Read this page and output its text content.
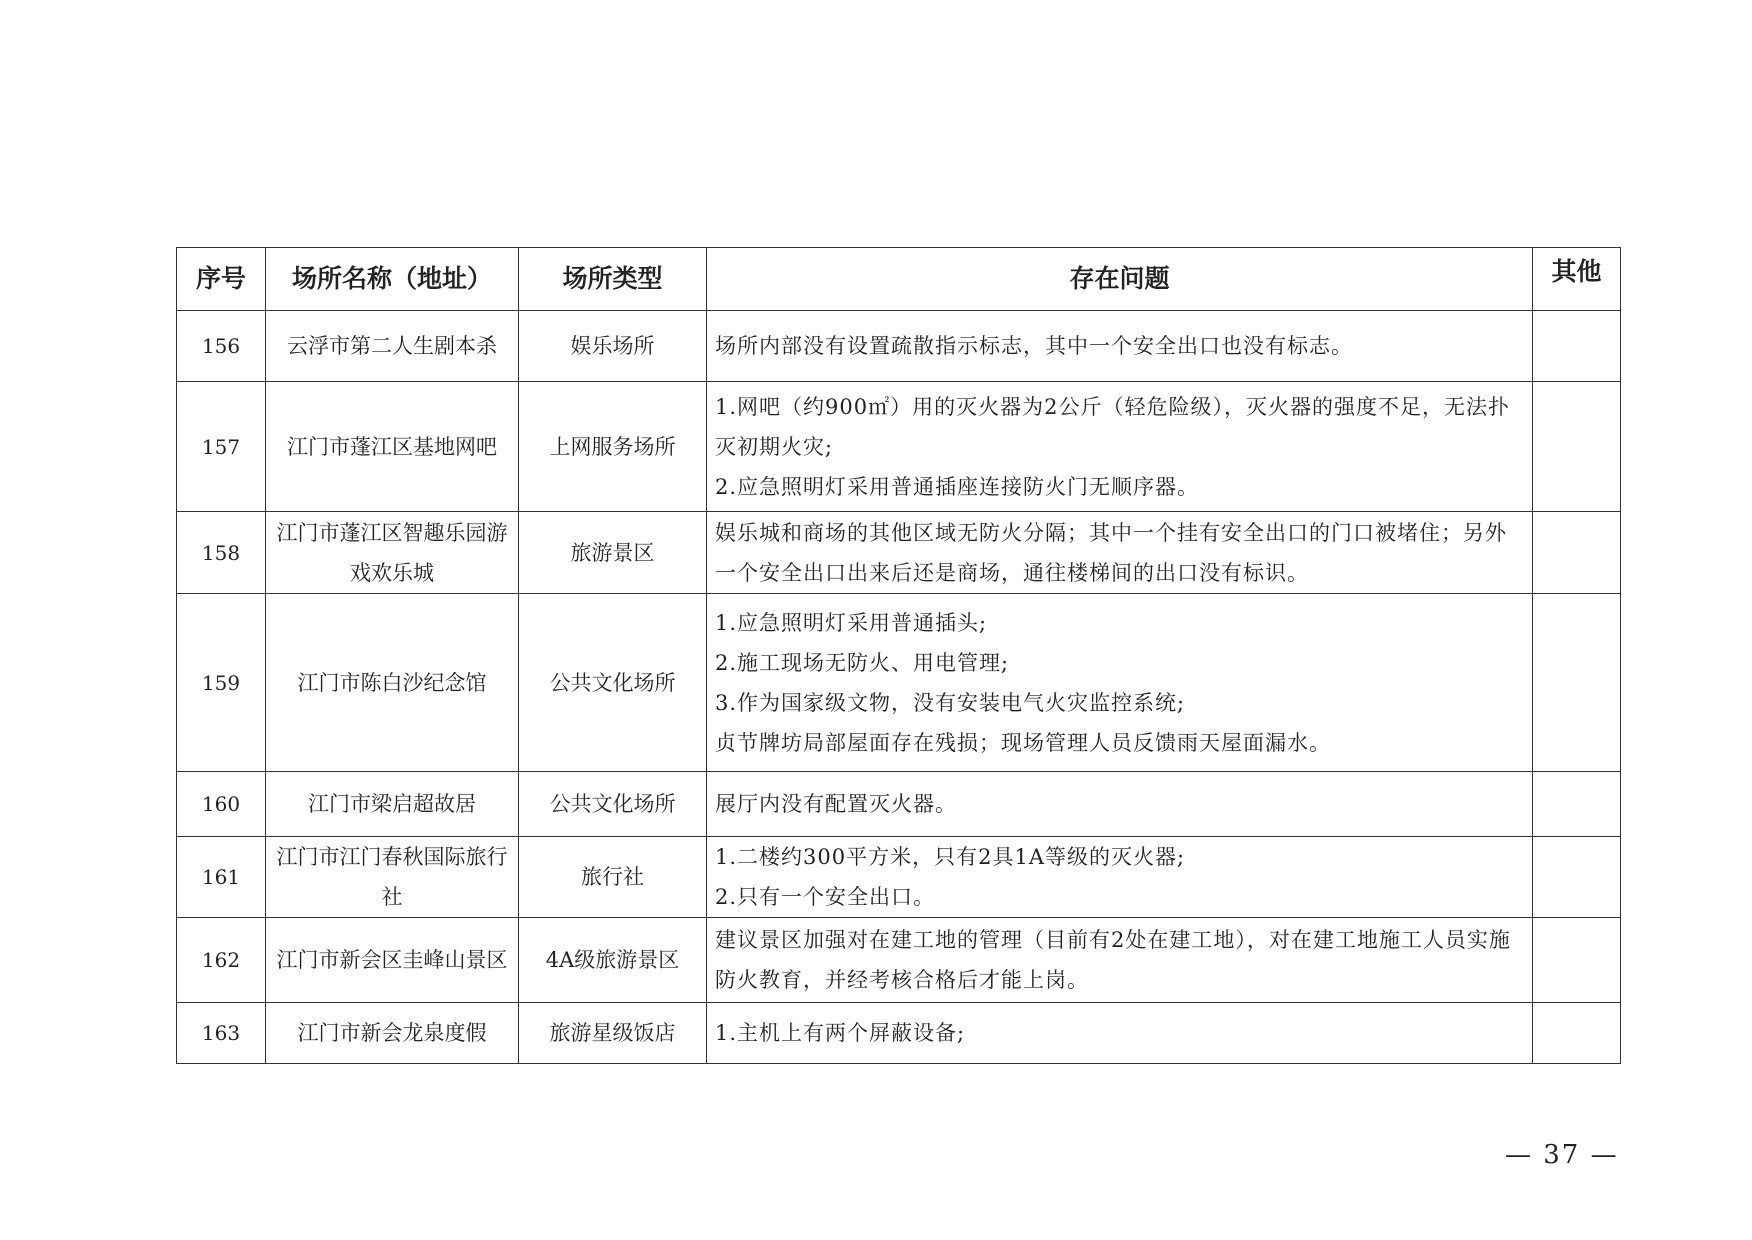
序号	场所名称（地址）	场所类型	存在问题	其他
156	云浮市第二人生剧本杀	娱乐场所	场所内部没有设置疏散指示标志，其中一个安全出口也没有标志。	

157	江门市蓬江区基地网吧	上网服务场所	1.网吧（约900㎡）用的灭火器为2公斤（轻危险级），灭火器的强度不足，无法扑灭初期火灾;
2.应急照明灯采用普通插座连接防火门无顺序器。	

158	江门市蓬江区智趣乐园游戏欢乐城	旅游景区	娱乐城和商场的其他区域无防火分隔；其中一个挂有安全出口的门口被堵住；另外一个安全出口出来后还是商场，通往楼梯间的出口没有标识。	

159	江门市陈白沙纪念馆	公共文化场所	1.应急照明灯采用普通插头;
2.施工现场无防火、用电管理;
3.作为国家级文物，没有安装电气火灾监控系统;
贞节牌坊局部屋面存在残损；现场管理人员反馈雨天屋面漏水。	

160	江门市梁启超故居	公共文化场所	展厅内没有配置灭火器。	

161	江门市江门春秋国际旅行社	旅行社	1.二楼约300平方米，只有2具1A等级的灭火器;
2.只有一个安全出口。	

162	江门市新会区圭峰山景区	4A级旅游景区	建议景区加强对在建工地的管理（目前有2处在建工地），对在建工地施工人员实施防火教育，并经考核合格后才能上岗。	

163	江门市新会龙泉度假	旅游星级饭店	1.主机上有两个屏蔽设备;	

— 37 —
